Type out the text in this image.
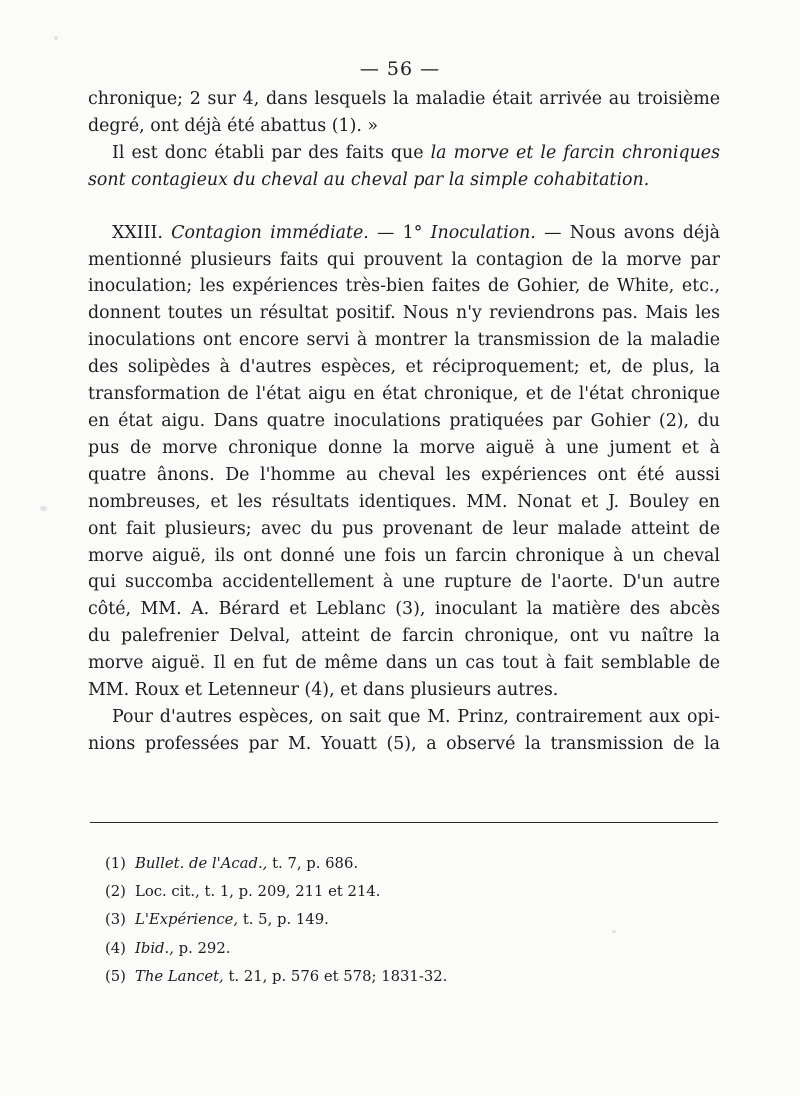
— 56 —
chronique; 2 sur 4, dans lesquels la maladie était arrivée au troisième
degré, ont déjà été abattus (1). »
Il est donc établi par des faits que la morve et le farcin chroniques
sont contagieux du cheval au cheval par la simple cohabitation.
XXIII. Contagion immédiate. — 1° Inoculation. — Nous avons déjà
mentionné plusieurs faits qui prouvent la contagion de la morve par
inoculation; les expériences très-bien faites de Gohier, de White, etc.,
donnent toutes un résultat positif. Nous n'y reviendrons pas. Mais les
inoculations ont encore servi à montrer la transmission de la maladie
des solipèdes à d'autres espèces, et réciproquement; et, de plus, la
transformation de l'état aigu en état chronique, et de l'état chronique
en état aigu. Dans quatre inoculations pratiquées par Gohier (2), du
pus de morve chronique donne la morve aiguë à une jument et à
quatre ânons. De l'homme au cheval les expériences ont été aussi
nombreuses, et les résultats identiques. MM. Nonat et J. Bouley en
ont fait plusieurs; avec du pus provenant de leur malade atteint de
morve aiguë, ils ont donné une fois un farcin chronique à un cheval
qui succomba accidentellement à une rupture de l'aorte. D'un autre
côté, MM. A. Bérard et Leblanc (3), inoculant la matière des abcès
du palefrenier Delval, atteint de farcin chronique, ont vu naître la
morve aiguë. Il en fut de même dans un cas tout à fait semblable de
MM. Roux et Letenneur (4), et dans plusieurs autres.
Pour d'autres espèces, on sait que M. Prinz, contrairement aux opi-
nions professées par M. Youatt (5), a observé la transmission de la
(1) Bullet. de l'Acad., t. 7, p. 686.
(2) Loc. cit., t. 1, p. 209, 211 et 214.
(3) L'Expérience, t. 5, p. 149.
(4) Ibid., p. 292.
(5) The Lancet, t. 21, p. 576 et 578; 1831-32.
